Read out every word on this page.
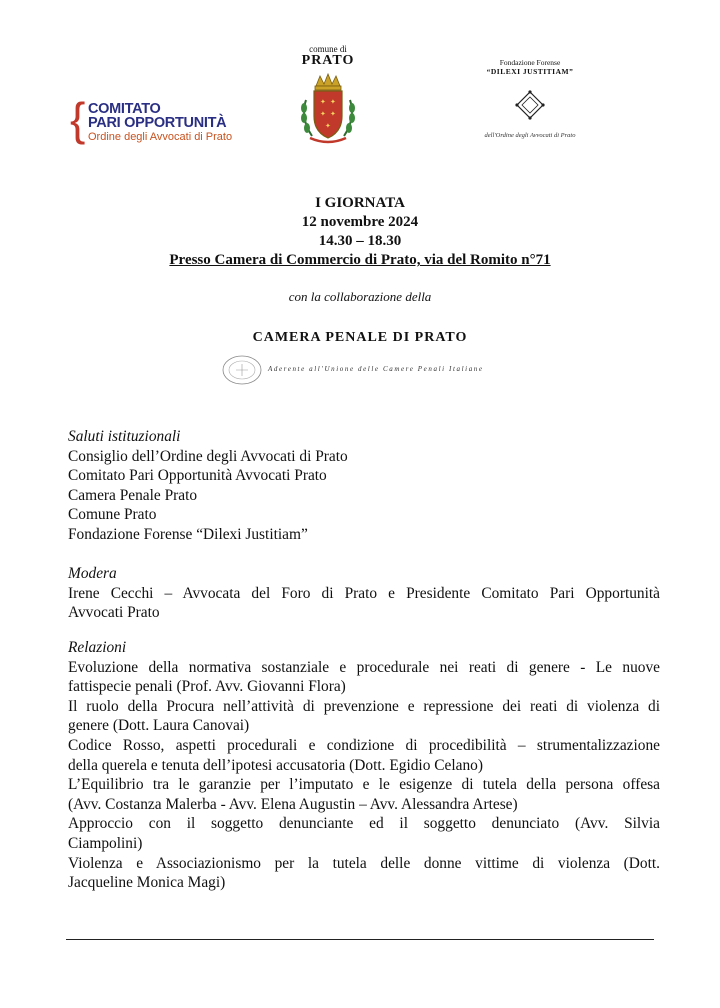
{ COMITATO
PARI OPPORTUNITÀ
Ordine degli Avvocati di Prato
comune di
PRATO
✦ ✦
✦ ✦
✦
Fondazione Forense
“DILEXI JUSTITIAM”
dell'Ordine degli Avvocati di Prato
I GIORNATA
12 novembre 2024
14.30 – 18.30
Presso Camera di Commercio di Prato, via del Romito n°71
con la collaborazione della
CAMERA PENALE DI PRATO
Aderente all'Unione delle Camere Penali Italiane
Saluti istituzionali
Consiglio dell’Ordine degli Avvocati di Prato
Comitato Pari Opportunità Avvocati Prato
Camera Penale Prato
Comune Prato
Fondazione Forense “Dilexi Justitiam”
Modera
Irene Cecchi – Avvocata del Foro di Prato e Presidente Comitato Pari Opportunità
Avvocati Prato
Relazioni
Evoluzione della normativa sostanziale e procedurale nei reati di genere - Le nuove
fattispecie penali (Prof. Avv. Giovanni Flora)
Il ruolo della Procura nell’attività di prevenzione e repressione dei reati di violenza di
genere (Dott. Laura Canovai)
Codice Rosso, aspetti procedurali e condizione di procedibilità – strumentalizzazione
della querela e tenuta dell’ipotesi accusatoria (Dott. Egidio Celano)
L’Equilibrio tra le garanzie per l’imputato e le esigenze di tutela della persona offesa
(Avv. Costanza Malerba - Avv. Elena Augustin – Avv. Alessandra Artese)
Approccio con il soggetto denunciante ed il soggetto denunciato (Avv. Silvia
Ciampolini)
Violenza e Associazionismo per la tutela delle donne vittime di violenza (Dott.
Jacqueline Monica Magi)
